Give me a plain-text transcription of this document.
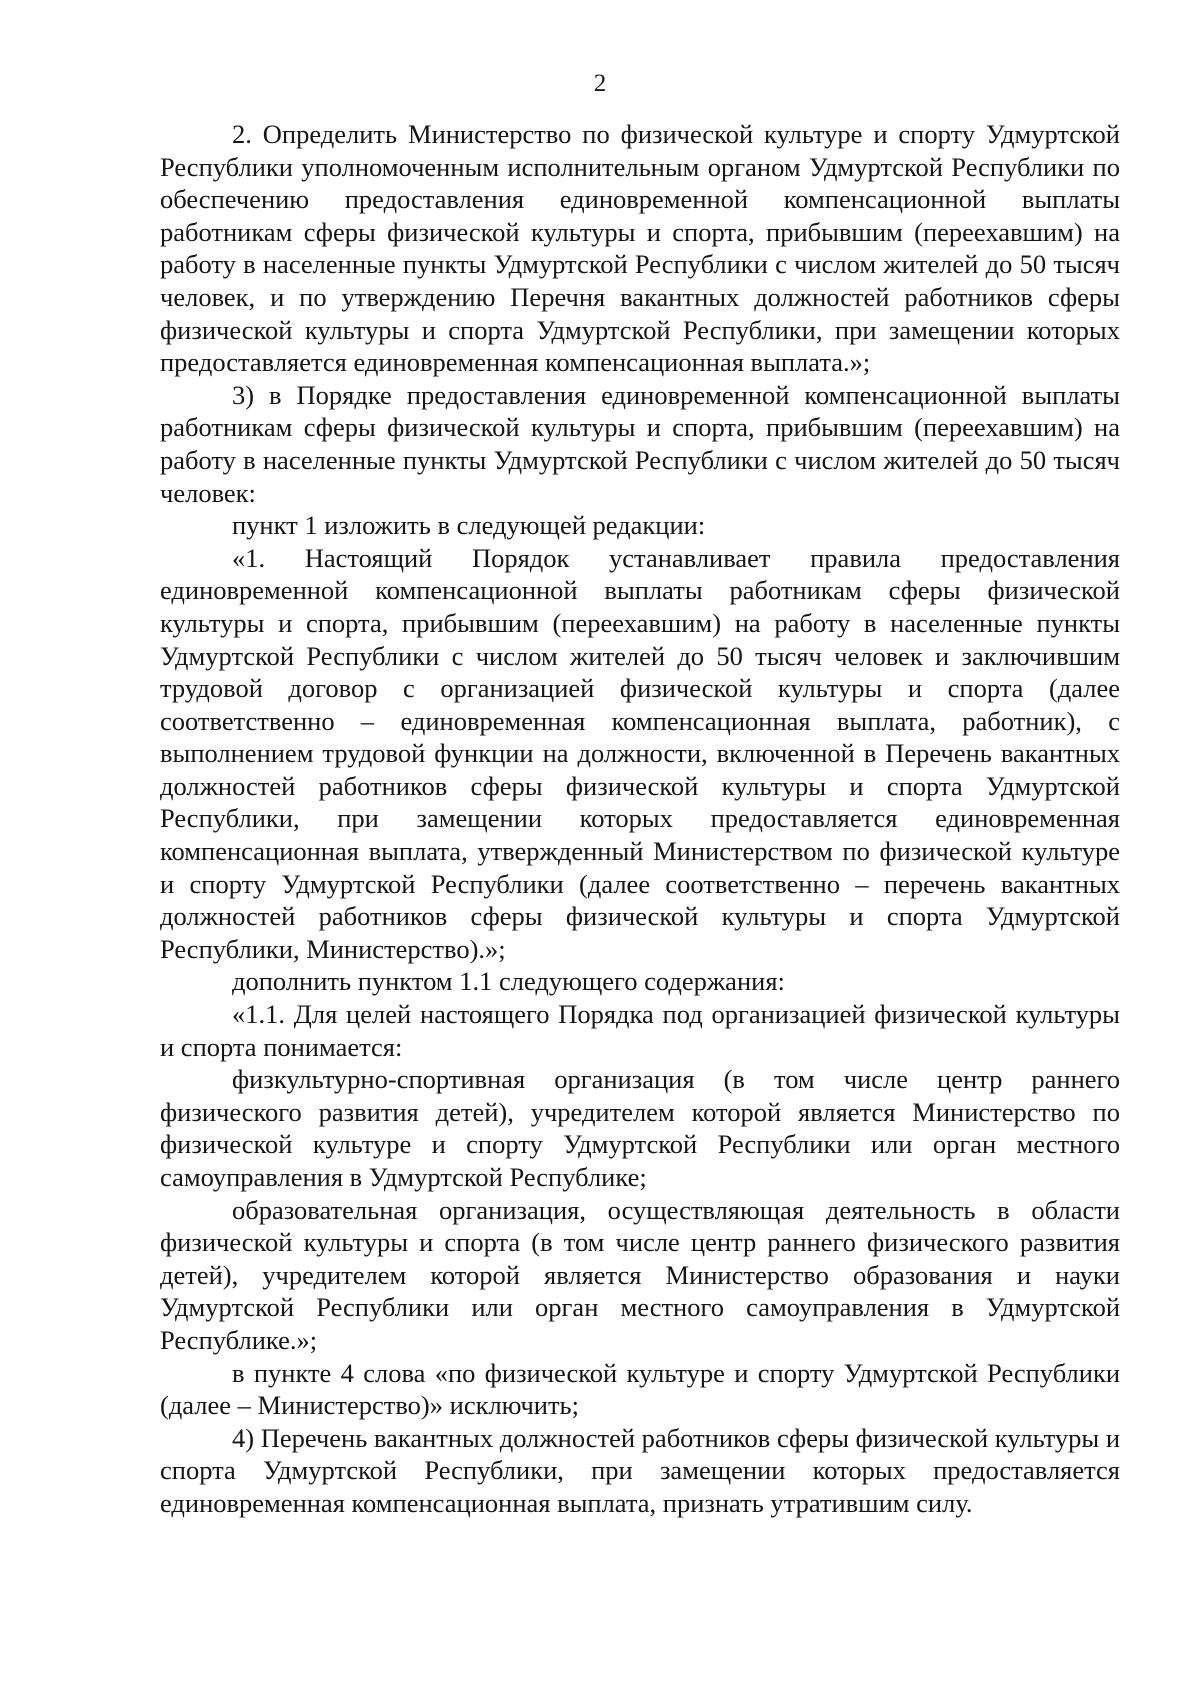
2

2. Определить Министерство по физической культуре и спорту Удмуртской Республики уполномоченным исполнительным органом Удмуртской Республики по обеспечению предоставления единовременной компенсационной выплаты работникам сферы физической культуры и спорта, прибывшим (переехавшим) на работу в населенные пункты Удмуртской Республики с числом жителей до 50 тысяч человек, и по утверждению Перечня вакантных должностей работников сферы физической культуры и спорта Удмуртской Республики, при замещении которых предоставляется единовременная компенсационная выплата.»;

3) в Порядке предоставления единовременной компенсационной выплаты работникам сферы физической культуры и спорта, прибывшим (переехавшим) на работу в населенные пункты Удмуртской Республики с числом жителей до 50 тысяч человек:

пункт 1 изложить в следующей редакции:

«1. Настоящий Порядок устанавливает правила предоставления единовременной компенсационной выплаты работникам сферы физической культуры и спорта, прибывшим (переехавшим) на работу в населенные пункты Удмуртской Республики с числом жителей до 50 тысяч человек и заключившим трудовой договор с организацией физической культуры и спорта (далее соответственно – единовременная компенсационная выплата, работник), с выполнением трудовой функции на должности, включенной в Перечень вакантных должностей работников сферы физической культуры и спорта Удмуртской Республики, при замещении которых предоставляется единовременная компенсационная выплата, утвержденный Министерством по физической культуре и спорту Удмуртской Республики (далее соответственно – перечень вакантных должностей работников сферы физической культуры и спорта Удмуртской Республики, Министерство).»;

дополнить пунктом 1.1 следующего содержания:

«1.1. Для целей настоящего Порядка под организацией физической культуры и спорта понимается:

физкультурно-спортивная организация (в том числе центр раннего физического развития детей), учредителем которой является Министерство по физической культуре и спорту Удмуртской Республики или орган местного самоуправления в Удмуртской Республике;

образовательная организация, осуществляющая деятельность в области физической культуры и спорта (в том числе центр раннего физического развития детей), учредителем которой является Министерство образования и науки Удмуртской Республики или орган местного самоуправления в Удмуртской Республике.»;

в пункте 4 слова «по физической культуре и спорту Удмуртской Республики (далее – Министерство)» исключить;

4) Перечень вакантных должностей работников сферы физической культуры и спорта Удмуртской Республики, при замещении которых предоставляется единовременная компенсационная выплата, признать утратившим силу.
